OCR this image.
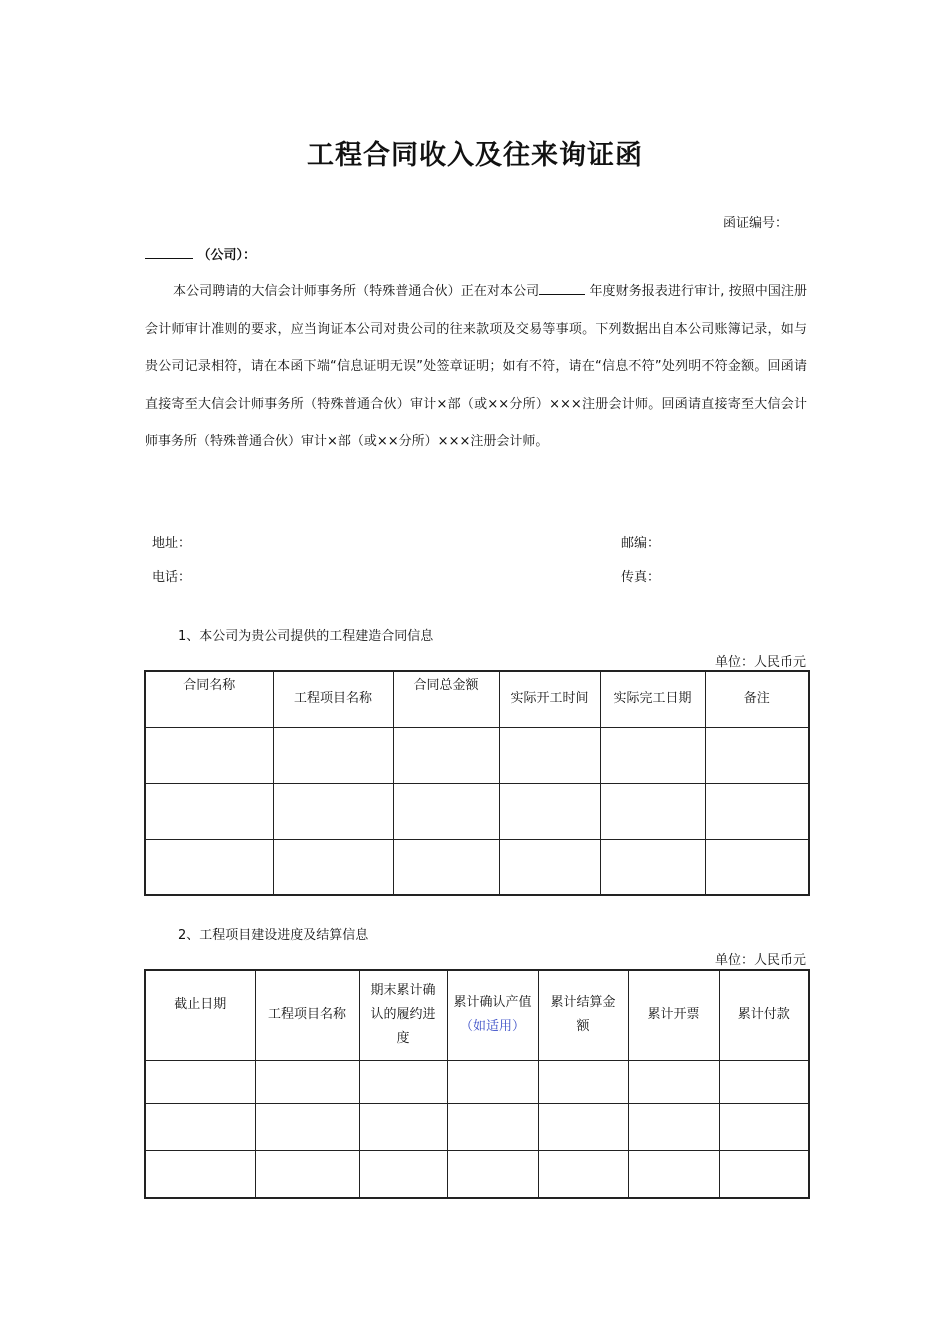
工程合同收入及往来询证函
函证编号：
（公司）：

本公司聘请的大信会计师事务所（特殊普通合伙）正在对本公司	年度财务报表进行审计, 按照中国注册会计师审计准则的要求，应当询证本公司对贵公司的往来款项及交易等事项。下列数据出自本公司账簿记录，如与贵公司记录相符，请在本函下端“信息证明无误”处签章证明；如有不符，请在“信息不符”处列明不符金额。回函请直接寄至大信会计师事务所（特殊普通合伙）审计×部（或××分所）×××注册会计师。回函请直接寄至大信会计师事务所（特殊普通合伙）审计×部（或××分所）×××注册会计师。

地址：	邮编：
电话：	传真：
1、本公司为贵公司提供的工程建造合同信息
单位：人民币元
合同名称	工程项目名称	合同总金额	实际开工时间	实际完工日期	备注

2、工程项目建设进度及结算信息
单位：人民币元
截止日期	工程项目名称	期末累计确认的履约进度	累计确认产值（如适用）	累计结算金额	累计开票	累计付款
